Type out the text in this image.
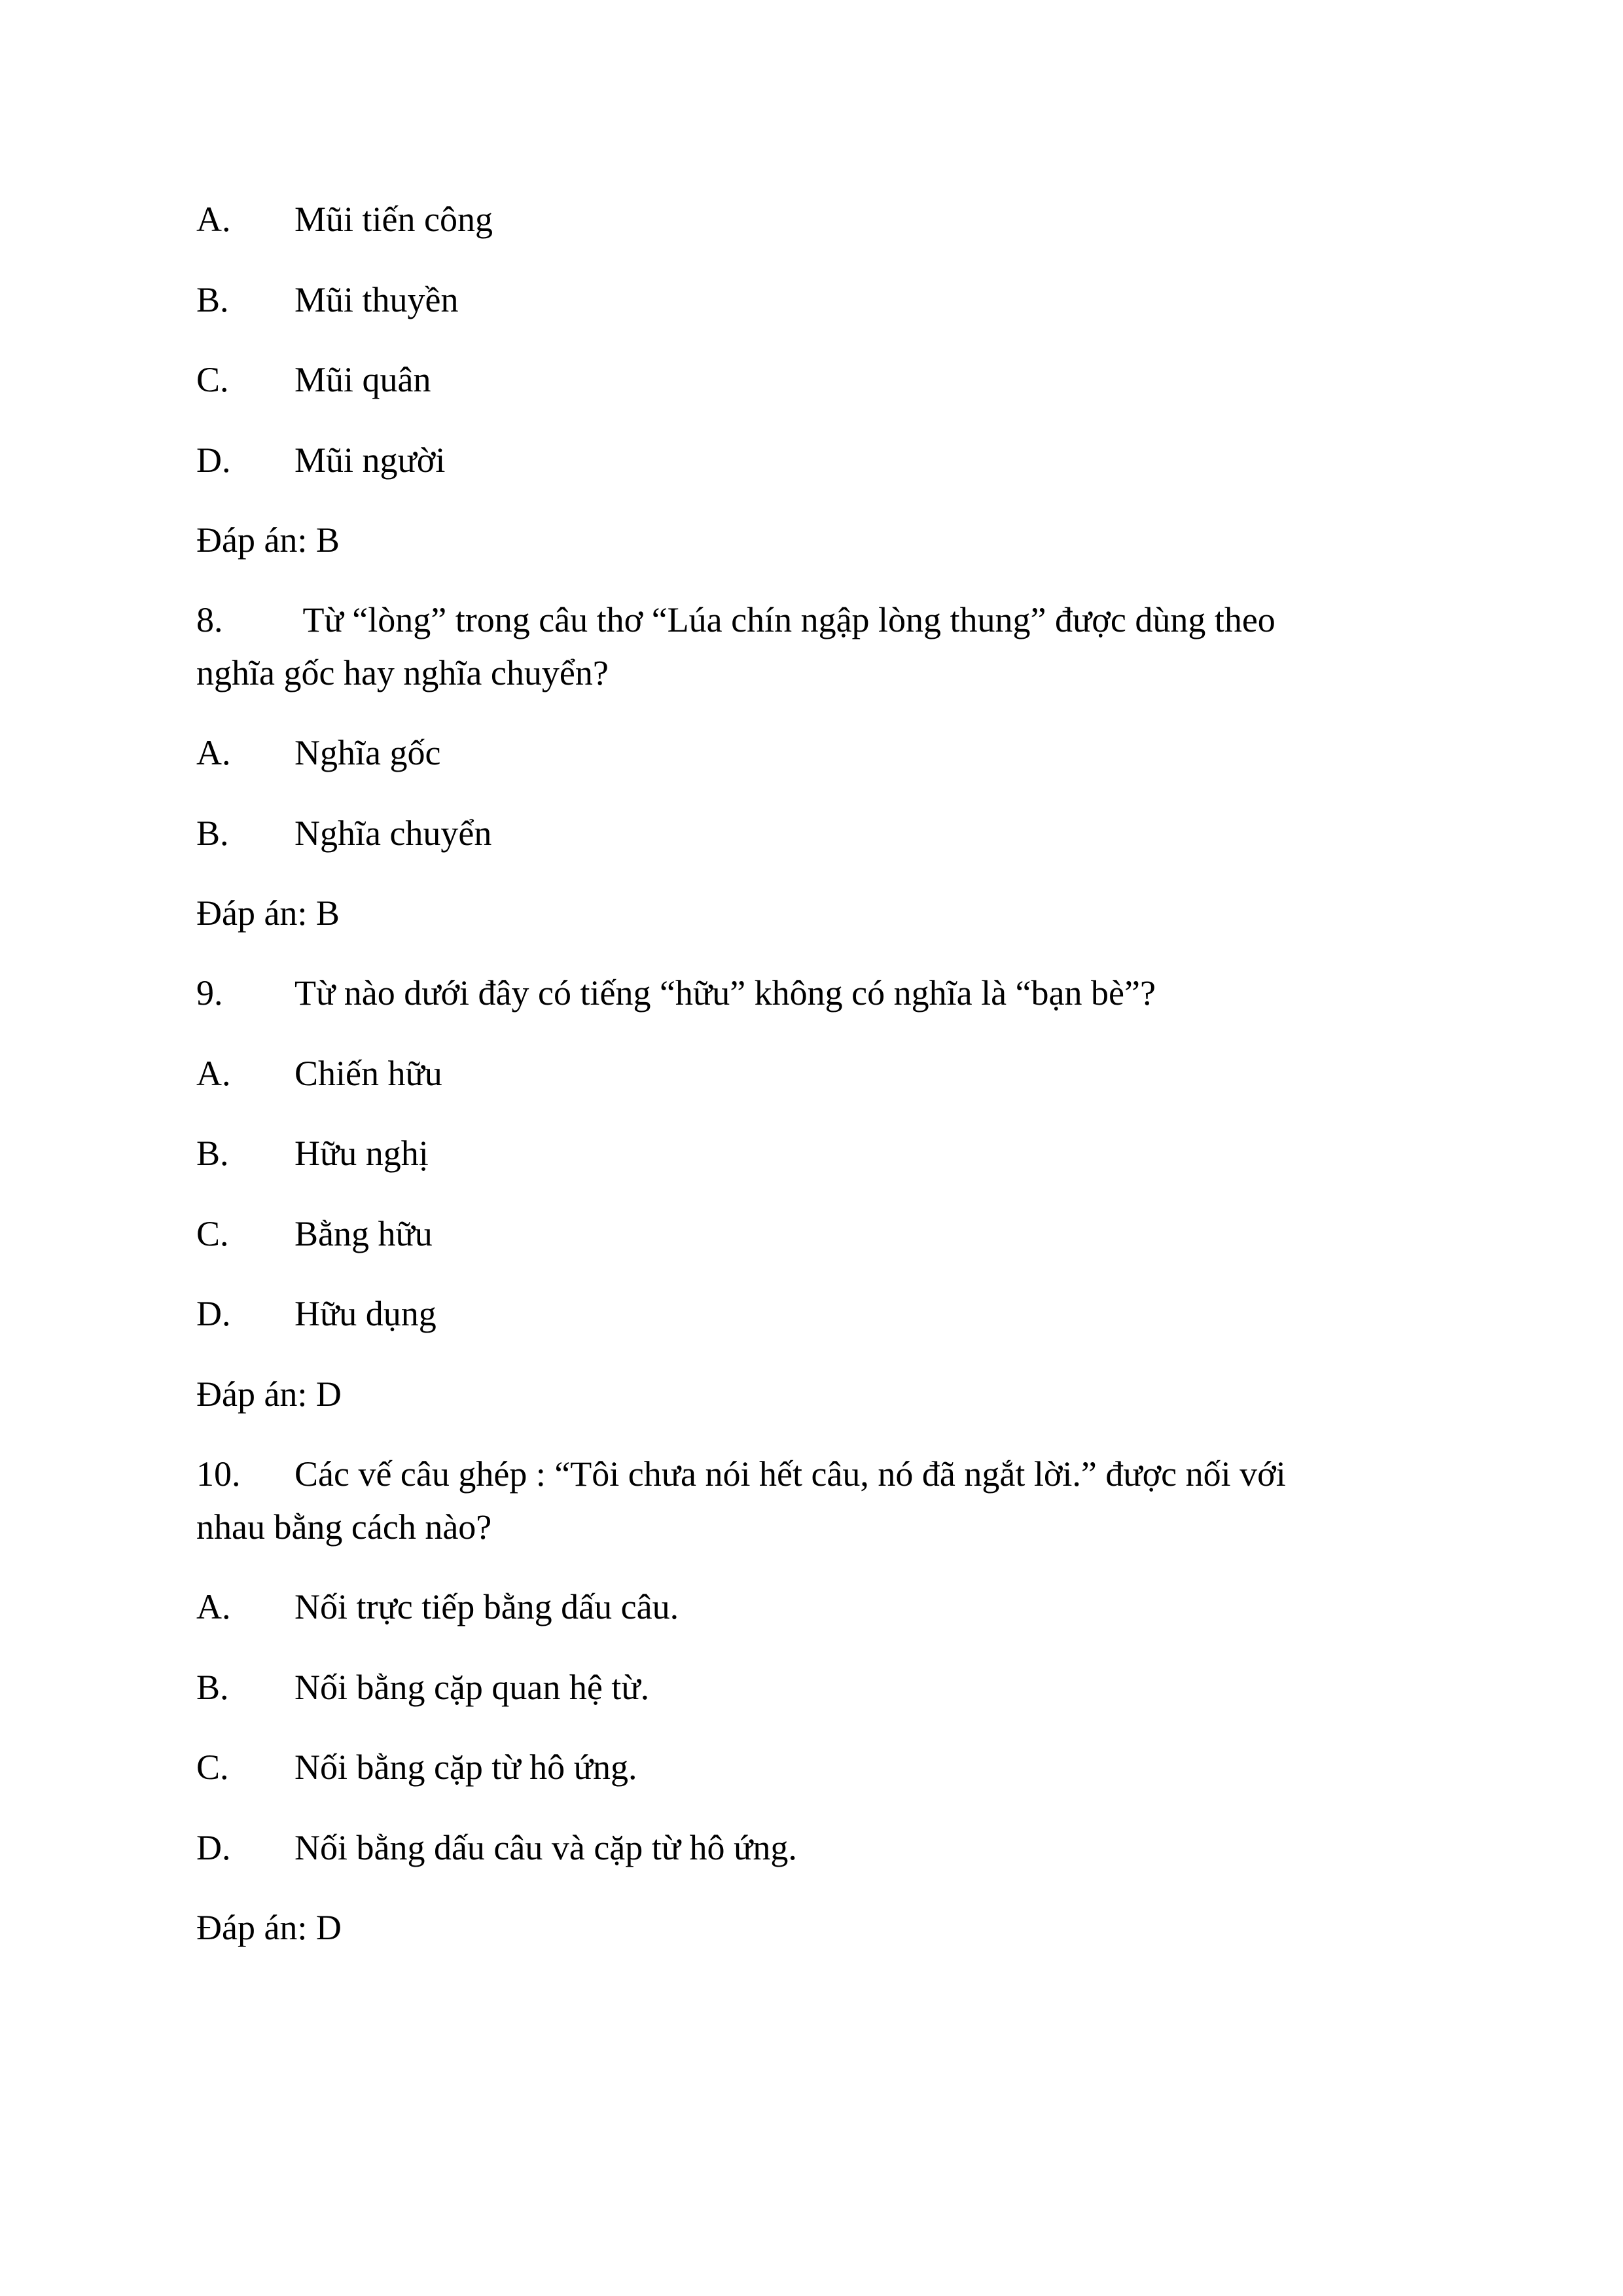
A. Mũi tiến công
B. Mũi thuyền
C. Mũi quân
D. Mũi người
Đáp án: B
8. Từ “lòng” trong câu thơ “Lúa chín ngập lòng thung” được dùng theo
nghĩa gốc hay nghĩa chuyển?
A. Nghĩa gốc
B. Nghĩa chuyển
Đáp án: B
9. Từ nào dưới đây có tiếng “hữu” không có nghĩa là “bạn bè”?
A. Chiến hữu
B. Hữu nghị
C. Bằng hữu
D. Hữu dụng
Đáp án: D
10. Các vế câu ghép : “Tôi chưa nói hết câu, nó đã ngắt lời.” được nối với
nhau bằng cách nào?
A. Nối trực tiếp bằng dấu câu.
B. Nối bằng cặp quan hệ từ.
C. Nối bằng cặp từ hô ứng.
D. Nối bằng dấu câu và cặp từ hô ứng.
Đáp án: D
